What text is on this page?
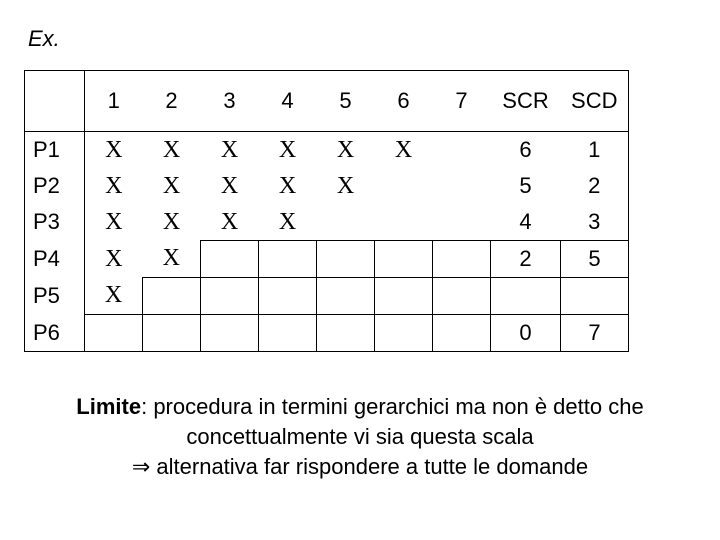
Ex.
	1	2	3	4	5	6	7	SCR	SCD
P1	X	X	X	X	X	X		6	1
P2	X	X	X	X	X			5	2
P3	X	X	X	X				4	3
P4	X	X						2	5
P5	X								
P6								0	7
Limite: procedura in termini gerarchici ma non è detto che
concettualmente vi sia questa scala
⇒ alternativa far rispondere a tutte le domande
